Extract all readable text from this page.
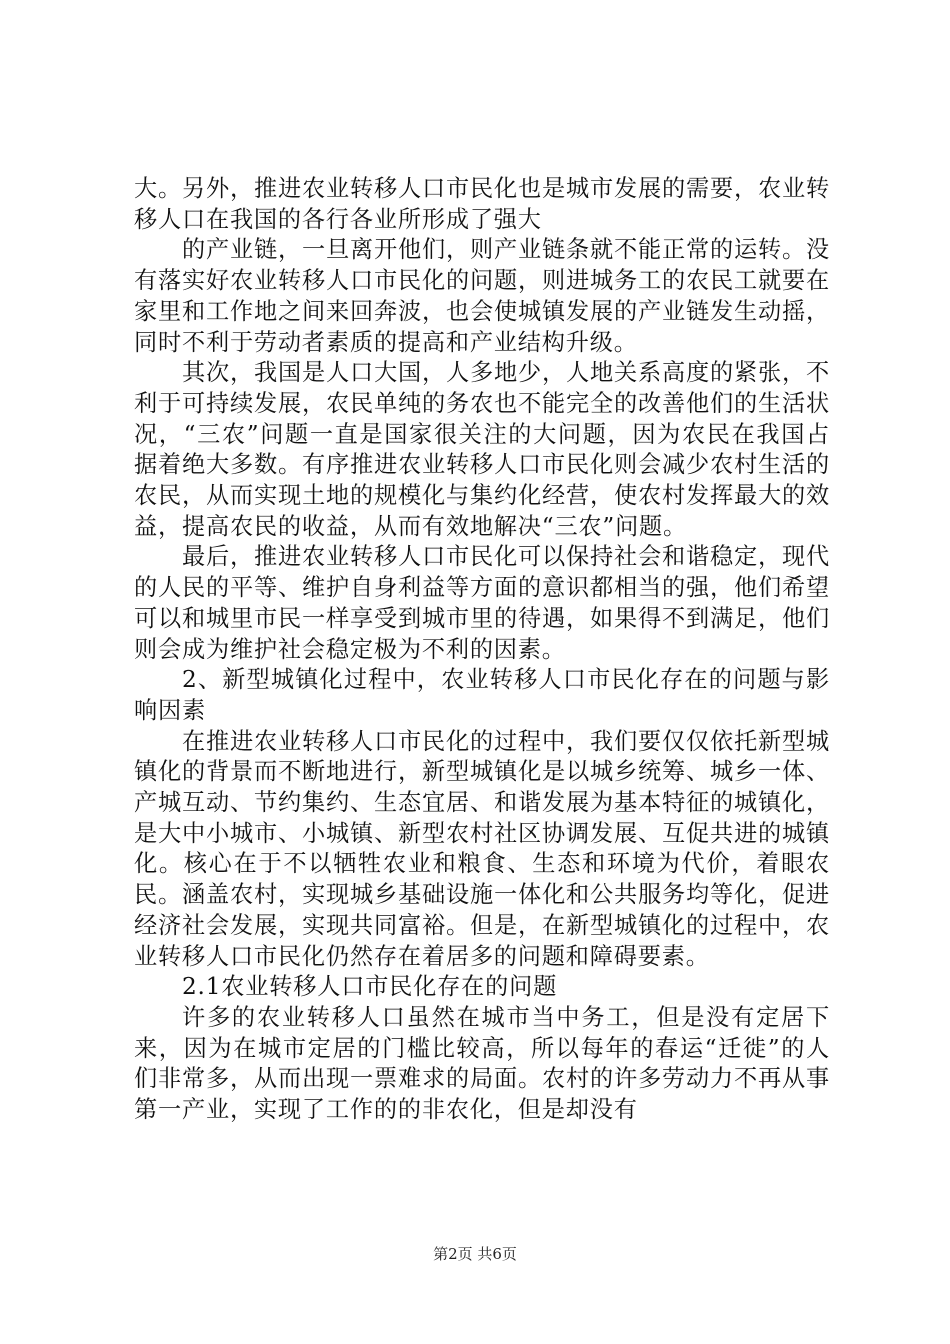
大。另外，推进农业转移人口市民化也是城市发展的需要，农业转移人口在我国的各行各业所形成了强大

的产业链，一旦离开他们，则产业链条就不能正常的运转。没有落实好农业转移人口市民化的问题，则进城务工的农民工就要在家里和工作地之间来回奔波，也会使城镇发展的产业链发生动摇，同时不利于劳动者素质的提高和产业结构升级。

其次，我国是人口大国，人多地少，人地关系高度的紧张，不利于可持续发展，农民单纯的务农也不能完全的改善他们的生活状况，“三农”问题一直是国家很关注的大问题，因为农民在我国占据着绝大多数。有序推进农业转移人口市民化则会减少农村生活的农民，从而实现土地的规模化与集约化经营，使农村发挥最大的效益，提高农民的收益，从而有效地解决“三农”问题。

最后，推进农业转移人口市民化可以保持社会和谐稳定，现代的人民的平等、维护自身利益等方面的意识都相当的强，他们希望可以和城里市民一样享受到城市里的待遇，如果得不到满足，他们则会成为维护社会稳定极为不利的因素。

2、新型城镇化过程中，农业转移人口市民化存在的问题与影响因素

在推进农业转移人口市民化的过程中，我们要仅仅依托新型城镇化的背景而不断地进行，新型城镇化是以城乡统筹、城乡一体、产城互动、节约集约、生态宜居、和谐发展为基本特征的城镇化，是大中小城市、小城镇、新型农村社区协调发展、互促共进的城镇化。核心在于不以牺牲农业和粮食、生态和环境为代价，着眼农民。涵盖农村，实现城乡基础设施一体化和公共服务均等化，促进经济社会发展，实现共同富裕。但是，在新型城镇化的过程中，农业转移人口市民化仍然存在着居多的问题和障碍要素。

2.1农业转移人口市民化存在的问题

许多的农业转移人口虽然在城市当中务工，但是没有定居下来，因为在城市定居的门槛比较高，所以每年的春运“迁徙”的人们非常多，从而出现一票难求的局面。农村的许多劳动力不再从事第一产业，实现了工作的的非农化，但是却没有

第2页 共6页
